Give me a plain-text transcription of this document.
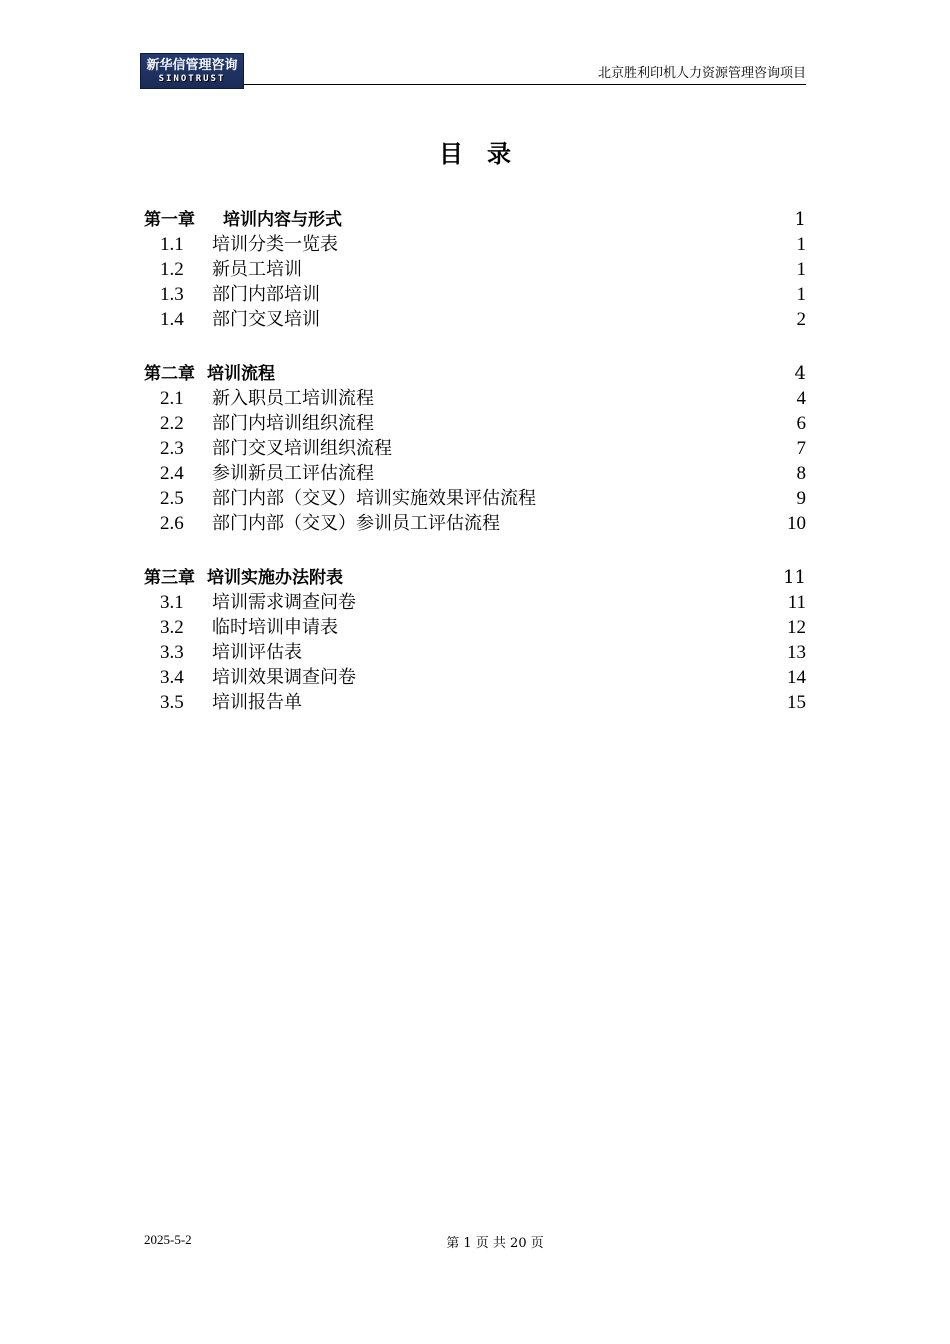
新华信管理咨询
SINOTRUST	北京胜利印机人力资源管理咨询项目
目录
第一章 培训内容与形式	1
1.1	培训分类一览表	1
1.2	新员工培训	1
1.3	部门内部培训	1
1.4	部门交叉培训	2
第二章 培训流程	4
2.1	新入职员工培训流程	4
2.2	部门内培训组织流程	6
2.3	部门交叉培训组织流程	7
2.4	参训新员工评估流程	8
2.5	部门内部（交叉）培训实施效果评估流程	9
2.6	部门内部（交叉）参训员工评估流程	10
第三章 培训实施办法附表	11
3.1	培训需求调查问卷	11
3.2	临时培训申请表	12
3.3	培训评估表	13
3.4	培训效果调查问卷	14
3.5	培训报告单	15
2025-5-2	第 1 页 共 20 页
